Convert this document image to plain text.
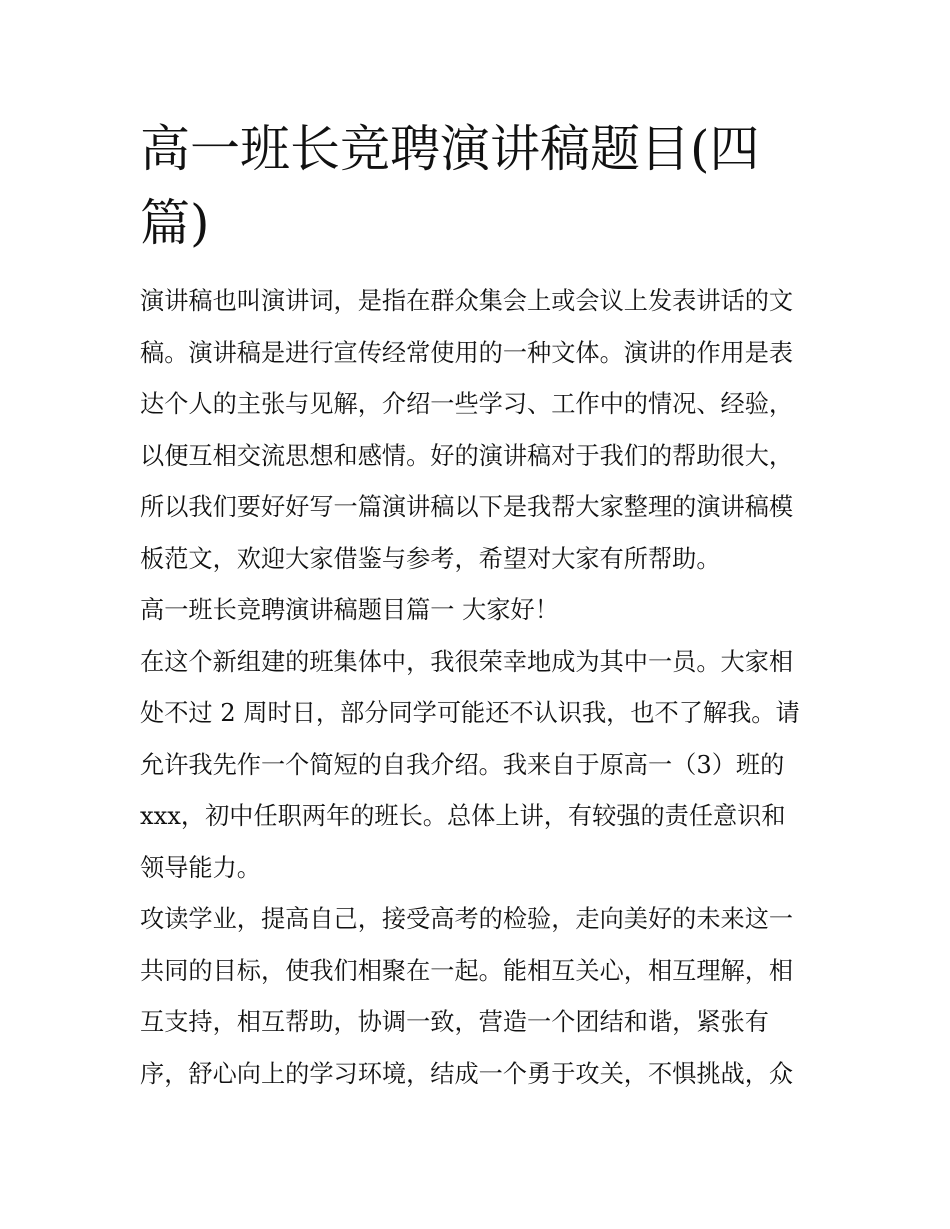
高一班长竞聘演讲稿题目(四
篇)
演讲稿也叫演讲词，是指在群众集会上或会议上发表讲话的文
稿。演讲稿是进行宣传经常使用的一种文体。演讲的作用是表
达个人的主张与见解，介绍一些学习、工作中的情况、经验，
以便互相交流思想和感情。好的演讲稿对于我们的帮助很大，
所以我们要好好写一篇演讲稿以下是我帮大家整理的演讲稿模
板范文，欢迎大家借鉴与参考，希望对大家有所帮助。
高一班长竞聘演讲稿题目篇一 大家好！
在这个新组建的班集体中，我很荣幸地成为其中一员。大家相
处不过 2 周时日，部分同学可能还不认识我，也不了解我。请
允许我先作一个简短的自我介绍。我来自于原高一（3）班的
xxx，初中任职两年的班长。总体上讲，有较强的责任意识和
领导能力。
攻读学业，提高自己，接受高考的检验，走向美好的未来这一
共同的目标，使我们相聚在一起。能相互关心，相互理解，相
互支持，相互帮助，协调一致，营造一个团结和谐，紧张有
序，舒心向上的学习环境，结成一个勇于攻关，不惧挑战，众
